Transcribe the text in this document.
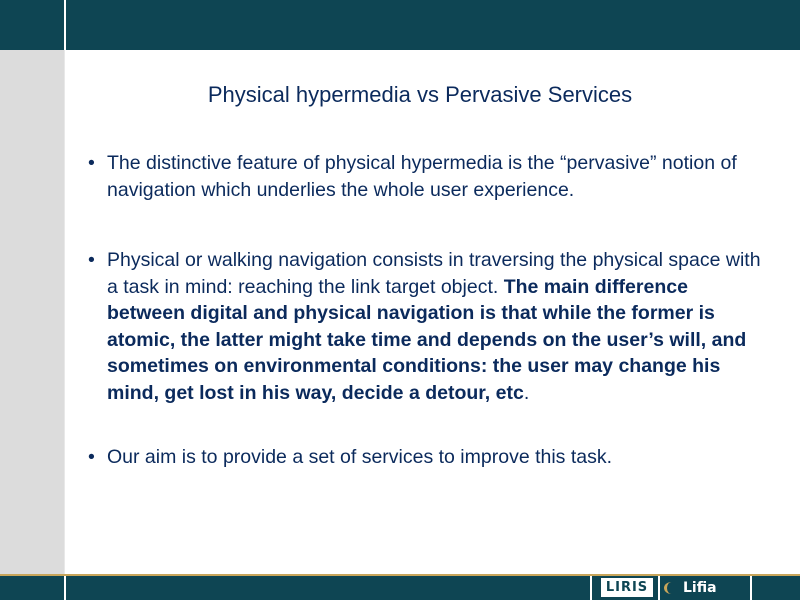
Physical hypermedia vs Pervasive Services

• The distinctive feature of physical hypermedia is the “pervasive” notion of navigation which underlies the whole user experience.

• Physical or walking navigation consists in traversing the physical space with a task in mind: reaching the link target object. The main difference between digital and physical navigation is that while the former is atomic, the latter might take time and depends on the user’s will, and sometimes on environmental conditions: the user may change his mind, get lost in his way, decide a detour, etc.

• Our aim is to provide a set of services to improve this task.

LIRIS	Lifia
